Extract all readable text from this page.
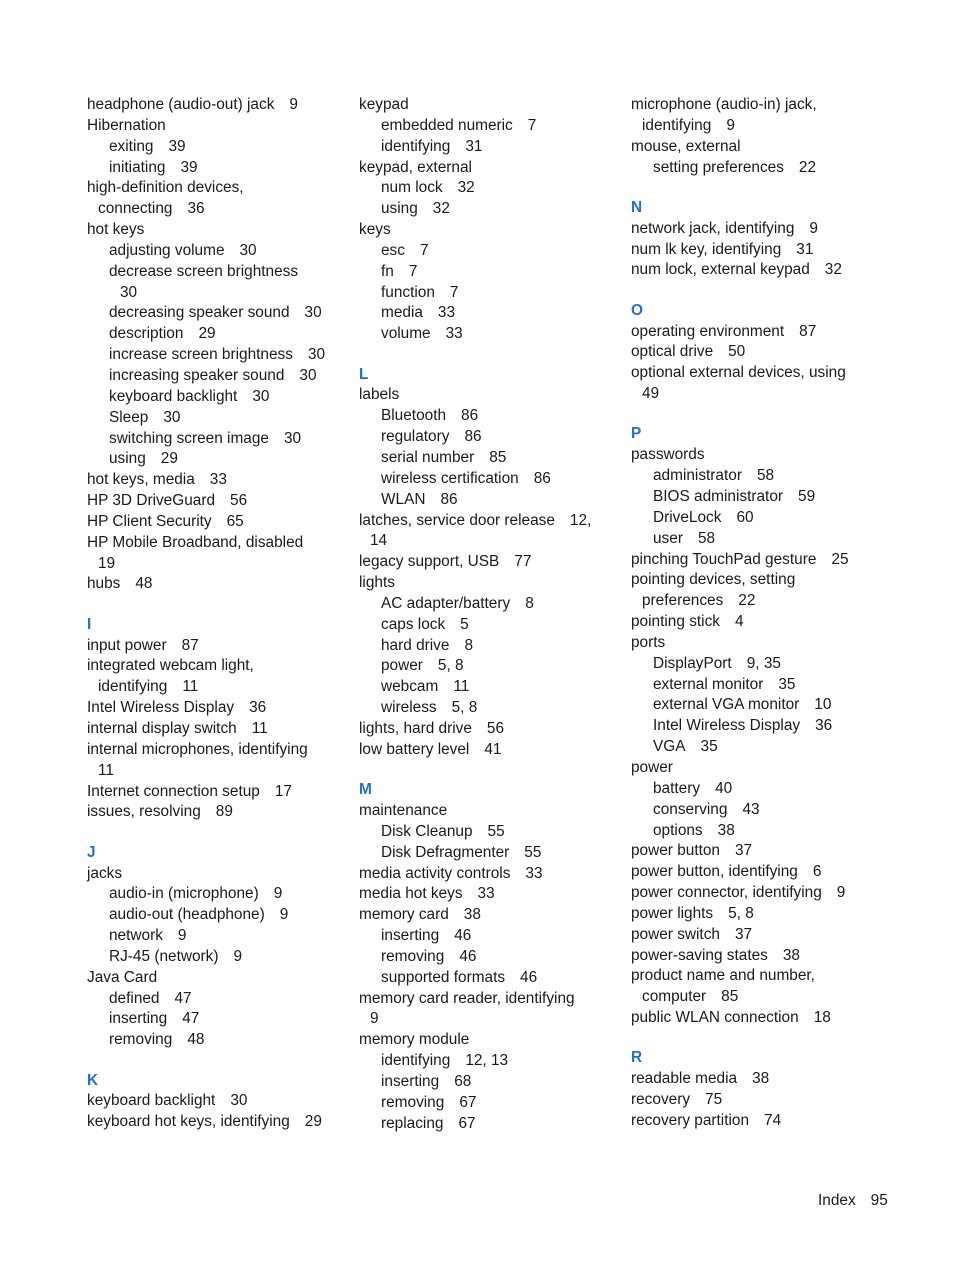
headphone (audio-out) jack 9
Hibernation
exiting 39
initiating 39
high-definition devices,
connecting 36
hot keys
adjusting volume 30
decrease screen brightness
30
decreasing speaker sound 30
description 29
increase screen brightness 30
increasing speaker sound 30
keyboard backlight 30
Sleep 30
switching screen image 30
using 29
hot keys, media 33
HP 3D DriveGuard 56
HP Client Security 65
HP Mobile Broadband, disabled
19
hubs 48
I
input power 87
integrated webcam light,
identifying 11
Intel Wireless Display 36
internal display switch 11
internal microphones, identifying
11
Internet connection setup 17
issues, resolving 89
J
jacks
audio-in (microphone) 9
audio-out (headphone) 9
network 9
RJ-45 (network) 9
Java Card
defined 47
inserting 47
removing 48
K
keyboard backlight 30
keyboard hot keys, identifying 29
keypad
embedded numeric 7
identifying 31
keypad, external
num lock 32
using 32
keys
esc 7
fn 7
function 7
media 33
volume 33
L
labels
Bluetooth 86
regulatory 86
serial number 85
wireless certification 86
WLAN 86
latches, service door release 12,
14
legacy support, USB 77
lights
AC adapter/battery 8
caps lock 5
hard drive 8
power 5, 8
webcam 11
wireless 5, 8
lights, hard drive 56
low battery level 41
M
maintenance
Disk Cleanup 55
Disk Defragmenter 55
media activity controls 33
media hot keys 33
memory card 38
inserting 46
removing 46
supported formats 46
memory card reader, identifying
9
memory module
identifying 12, 13
inserting 68
removing 67
replacing 67
microphone (audio-in) jack,
identifying 9
mouse, external
setting preferences 22
N
network jack, identifying 9
num lk key, identifying 31
num lock, external keypad 32
O
operating environment 87
optical drive 50
optional external devices, using
49
P
passwords
administrator 58
BIOS administrator 59
DriveLock 60
user 58
pinching TouchPad gesture 25
pointing devices, setting
preferences 22
pointing stick 4
ports
DisplayPort 9, 35
external monitor 35
external VGA monitor 10
Intel Wireless Display 36
VGA 35
power
battery 40
conserving 43
options 38
power button 37
power button, identifying 6
power connector, identifying 9
power lights 5, 8
power switch 37
power-saving states 38
product name and number,
computer 85
public WLAN connection 18
R
readable media 38
recovery 75
recovery partition 74
Index 95
